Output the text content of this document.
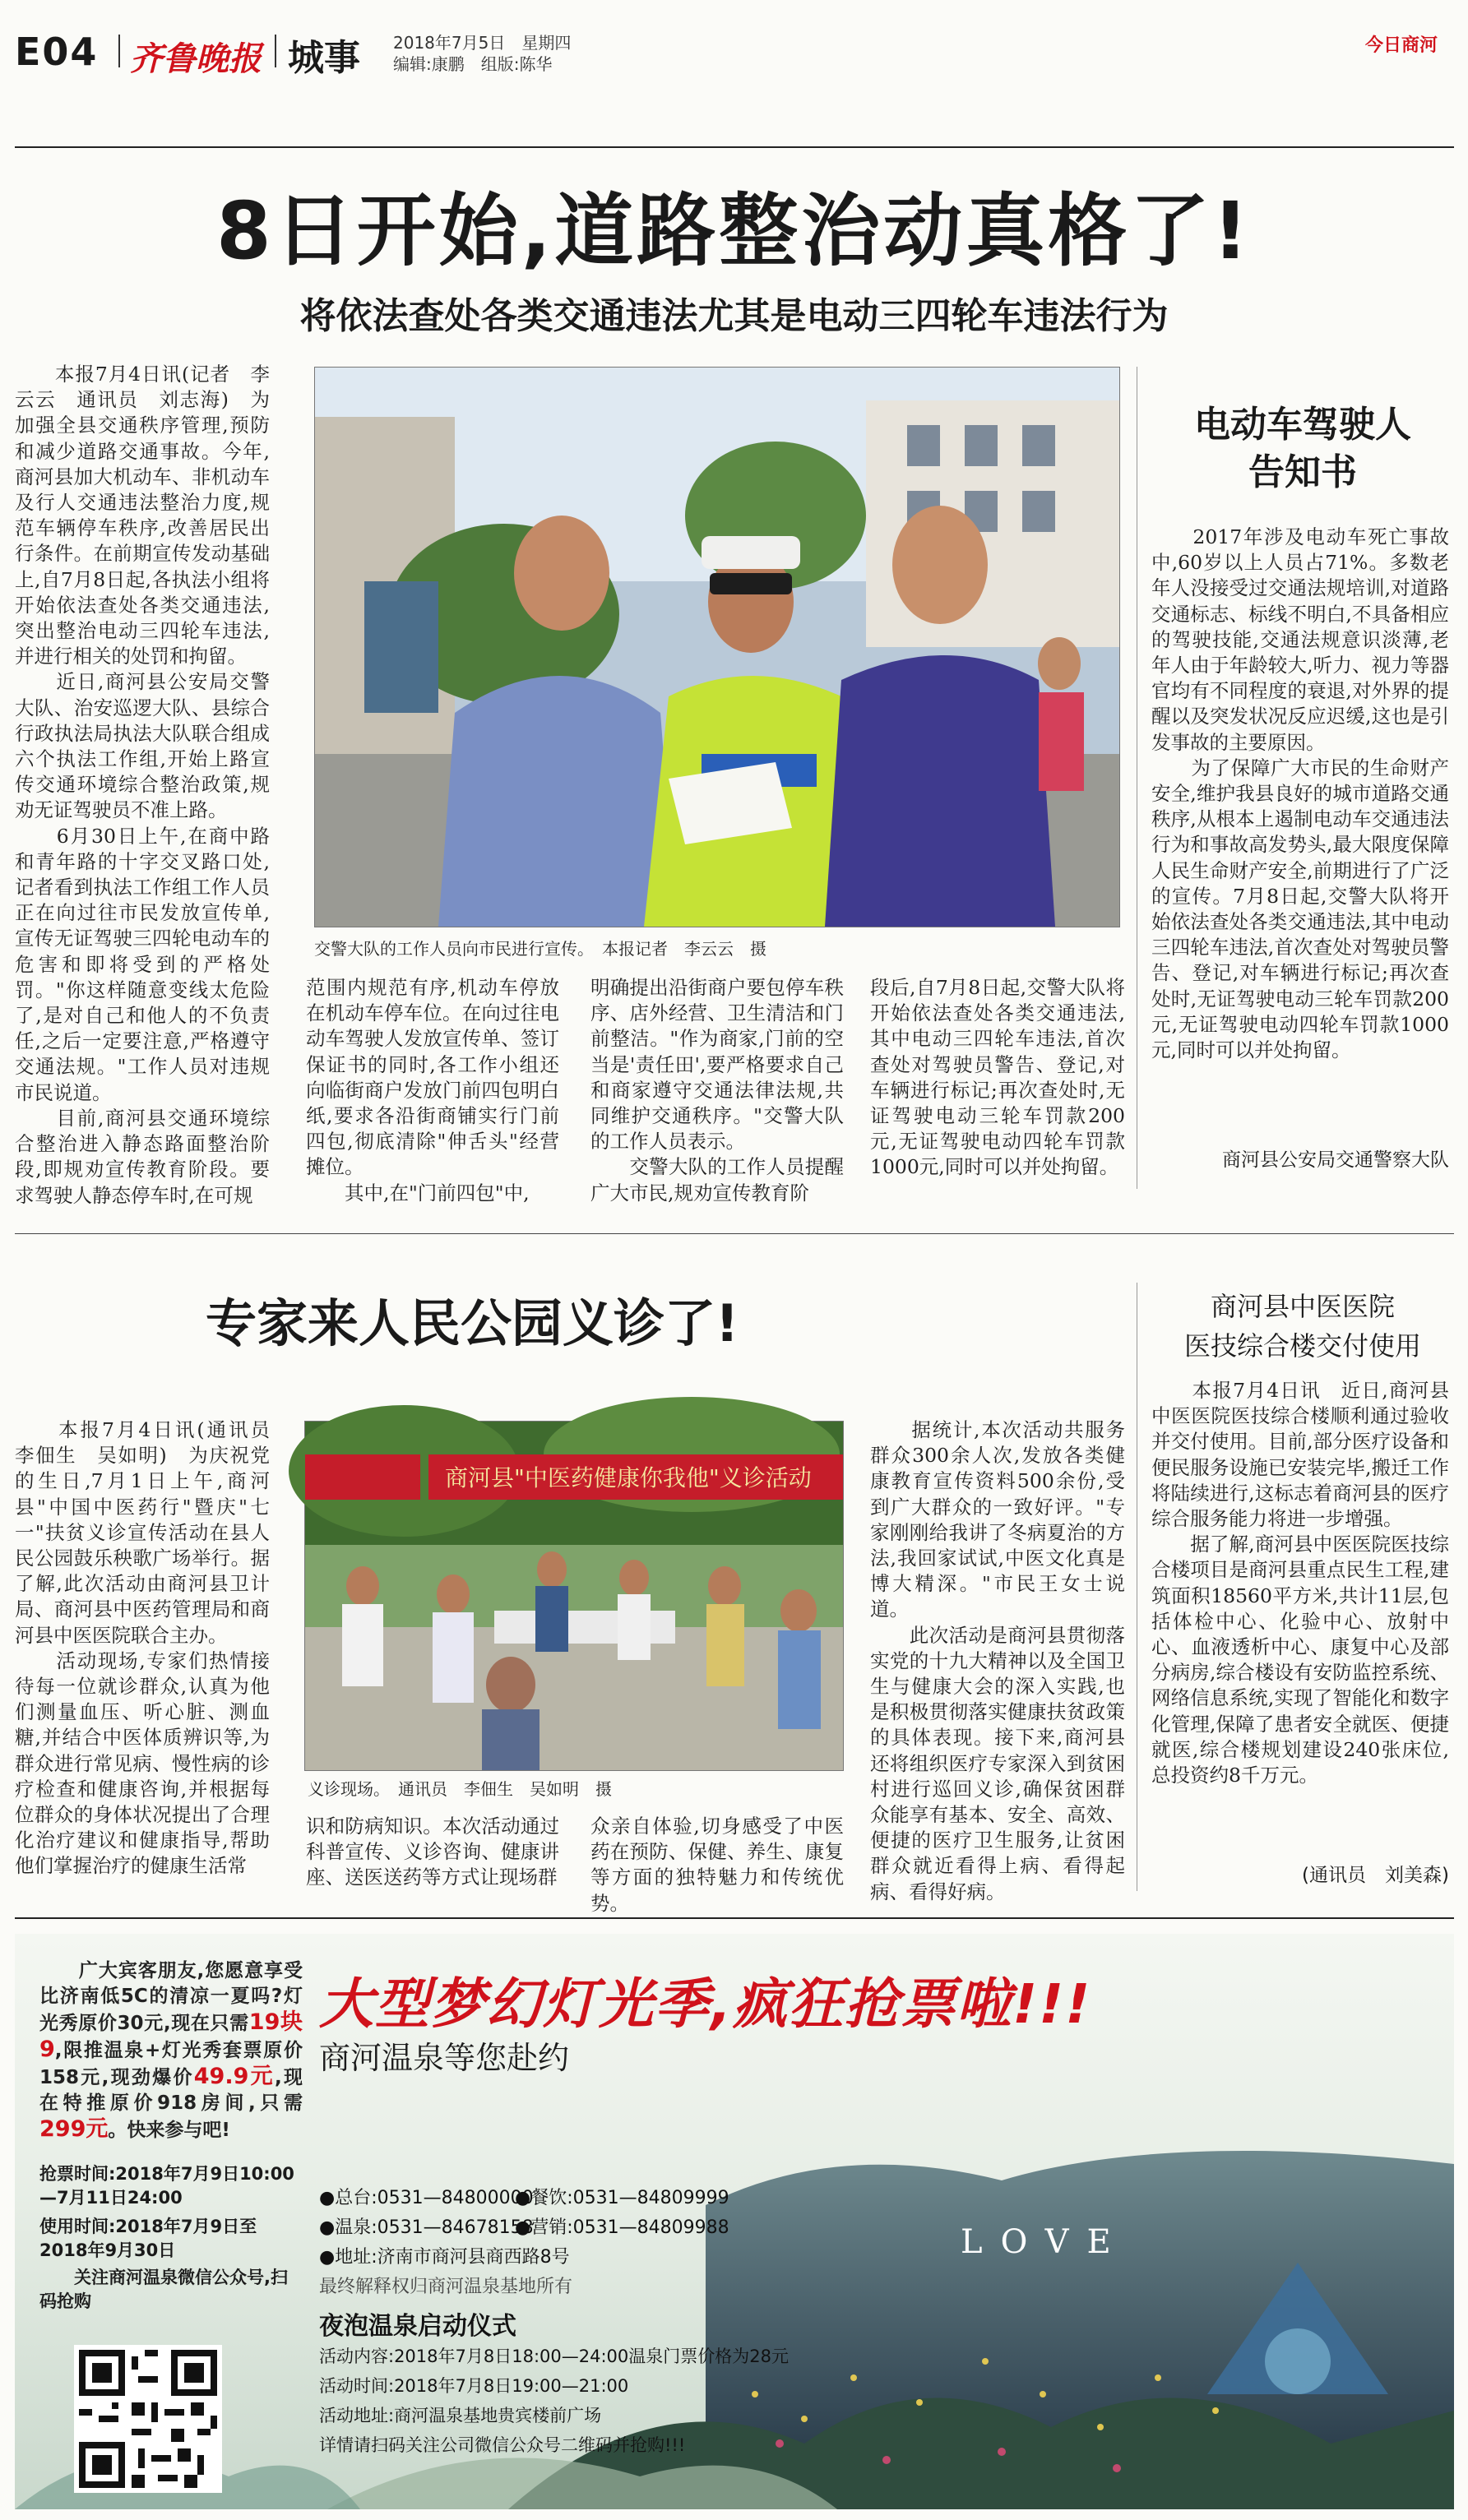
E04 齐鲁晚报 城事 2018年7月5日　星期四
编辑:康鹏　组版:陈华
今日商河
8日开始,道路整治动真格了!
将依法查处各类交通违法尤其是电动三四轮车违法行为
　　本报7月4日讯(记者　李云云　通讯员　刘志海)　为加强全县交通秩序管理,预防和减少道路交通事故。今年,商河县加大机动车、非机动车及行人交通违法整治力度,规范车辆停车秩序,改善居民出行条件。在前期宣传发动基础上,自7月8日起,各执法小组将开始依法查处各类交通违法,突出整治电动三四轮车违法,并进行相关的处罚和拘留。
　　近日,商河县公安局交警大队、治安巡逻大队、县综合行政执法局执法大队联合组成六个执法工作组,开始上路宣传交通环境综合整治政策,规劝无证驾驶员不准上路。
　　6月30日上午,在商中路和青年路的十字交叉路口处,记者看到执法工作组工作人员正在向过往市民发放宣传单,宣传无证驾驶三四轮电动车的危害和即将受到的严格处罚。"你这样随意变线太危险了,是对自己和他人的不负责任,之后一定要注意,严格遵守交通法规。"工作人员对违规市民说道。
　　目前,商河县交通环境综合整治进入静态路面整治阶段,即规劝宣传教育阶段。要求驾驶人静态停车时,在可规
交警大队的工作人员向市民进行宣传。　本报记者　李云云　摄
范围内规范有序,机动车停放在机动车停车位。在向过往电动车驾驶人发放宣传单、签订保证书的同时,各工作小组还向临街商户发放门前四包明白纸,要求各沿街商铺实行门前四包,彻底清除"伸舌头"经营摊位。
　　其中,在"门前四包"中,
明确提出沿街商户要包停车秩序、店外经营、卫生清洁和门前整洁。"作为商家,门前的空当是'责任田',要严格要求自己和商家遵守交通法律法规,共同维护交通秩序。"交警大队的工作人员表示。
　　交警大队的工作人员提醒广大市民,规劝宣传教育阶
段后,自7月8日起,交警大队将开始依法查处各类交通违法,其中电动三四轮车违法,首次查处对驾驶员警告、登记,对车辆进行标记;再次查处时,无证驾驶电动三轮车罚款200元,无证驾驶电动四轮车罚款1000元,同时可以并处拘留。
电动车驾驶人
告知书
　　2017年涉及电动车死亡事故中,60岁以上人员占71%。多数老年人没接受过交通法规培训,对道路交通标志、标线不明白,不具备相应的驾驶技能,交通法规意识淡薄,老年人由于年龄较大,听力、视力等器官均有不同程度的衰退,对外界的提醒以及突发状况反应迟缓,这也是引发事故的主要原因。
　　为了保障广大市民的生命财产安全,维护我县良好的城市道路交通秩序,从根本上遏制电动车交通违法行为和事故高发势头,最大限度保障人民生命财产安全,前期进行了广泛的宣传。7月8日起,交警大队将开始依法查处各类交通违法,其中电动三四轮车违法,首次查处对驾驶员警告、登记,对车辆进行标记;再次查处时,无证驾驶电动三轮车罚款200元,无证驾驶电动四轮车罚款1000元,同时可以并处拘留。
商河县公安局交通警察大队
专家来人民公园义诊了!
　　本报7月4日讯(通讯员　李佃生　吴如明)　为庆祝党的生日,7月1日上午,商河县"中国中医药行"暨庆"七一"扶贫义诊宣传活动在县人民公园鼓乐秧歌广场举行。据了解,此次活动由商河县卫计局、商河县中医药管理局和商河县中医医院联合主办。
　　活动现场,专家们热情接待每一位就诊群众,认真为他们测量血压、听心脏、测血糖,并结合中医体质辨识等,为群众进行常见病、慢性病的诊疗检查和健康咨询,并根据每位群众的身体状况提出了合理化治疗建议和健康指导,帮助他们掌握治疗的健康生活常
商河县"中医药健康你我他"义诊活动
义诊现场。　通讯员　李佃生　吴如明　摄
识和防病知识。本次活动通过科普宣传、义诊咨询、健康讲座、送医送药等方式让现场群
众亲自体验,切身感受了中医药在预防、保健、养生、康复等方面的独特魅力和传统优势。
　　据统计,本次活动共服务群众300余人次,发放各类健康教育宣传资料500余份,受到广大群众的一致好评。"专家刚刚给我讲了冬病夏治的方法,我回家试试,中医文化真是博大精深。"市民王女士说道。
　　此次活动是商河县贯彻落实党的十九大精神以及全国卫生与健康大会的深入实践,也是积极贯彻落实健康扶贫政策的具体表现。接下来,商河县还将组织医疗专家深入到贫困村进行巡回义诊,确保贫困群众能享有基本、安全、高效、便捷的医疗卫生服务,让贫困群众就近看得上病、看得起病、看得好病。
商河县中医医院
医技综合楼交付使用
　　本报7月4日讯　近日,商河县中医医院医技综合楼顺利通过验收并交付使用。目前,部分医疗设备和便民服务设施已安装完毕,搬迁工作将陆续进行,这标志着商河县的医疗综合服务能力将进一步增强。
　　据了解,商河县中医医院医技综合楼项目是商河县重点民生工程,建筑面积18560平方米,共计11层,包括体检中心、化验中心、放射中心、血液透析中心、康复中心及部分病房,综合楼设有安防监控系统、网络信息系统,实现了智能化和数字化管理,保障了患者安全就医、便捷就医,综合楼规划建设240张床位,总投资约8千万元。
(通讯员　刘美森)
LOVE
　　广大宾客朋友,您愿意享受比济南低5C的清凉一夏吗?灯光秀原价30元,现在只需19块9,限推温泉+灯光秀套票原价158元,现劲爆价49.9元,现在特推原价918房间,只需299元。快来参与吧!
抢票时间:2018年7月9日10:00—7月11日24:00
使用时间:2018年7月9日至2018年9月30日
　　关注商河温泉微信公众号,扫码抢购
大型梦幻灯光季,疯狂抢票啦!!!
商河温泉等您赴约
●总台:0531—84800000
●餐饮:0531—84809999
●温泉:0531—84678158
●营销:0531—84809988
●地址:济南市商河县商西路8号
最终解释权归商河温泉基地所有
夜泡温泉启动仪式
活动内容:2018年7月8日18:00—24:00温泉门票价格为28元
活动时间:2018年7月8日19:00—21:00
活动地址:商河温泉基地贵宾楼前广场
详情请扫码关注公司微信公众号二维码并抢购!!!
